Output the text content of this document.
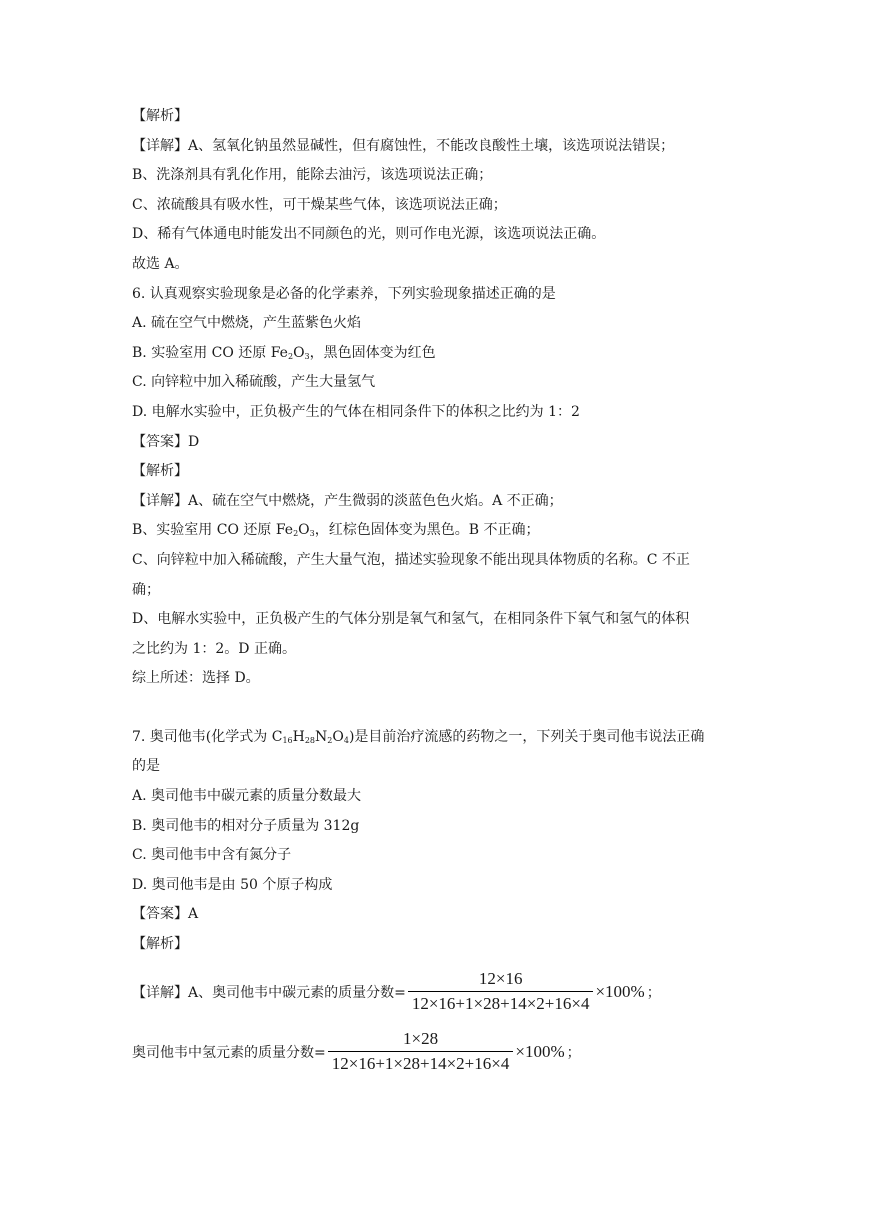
【解析】
【详解】A、氢氧化钠虽然显碱性，但有腐蚀性，不能改良酸性土壤，该选项说法错误；
B、洗涤剂具有乳化作用，能除去油污，该选项说法正确；
C、浓硫酸具有吸水性，可干燥某些气体，该选项说法正确；
D、稀有气体通电时能发出不同颜色的光，则可作电光源，该选项说法正确。
故选 A。
6. 认真观察实验现象是必备的化学素养，下列实验现象描述正确的是
A. 硫在空气中燃烧，产生蓝紫色火焰
B. 实验室用 CO 还原 $Fe_2O_3$，黑色固体变为红色
C. 向锌粒中加入稀硫酸，产生大量氢气
D. 电解水实验中，正负极产生的气体在相同条件下的体积之比约为 1：2
【答案】D
【解析】
【详解】A、硫在空气中燃烧，产生微弱的淡蓝色色火焰。A 不正确；
B、实验室用 CO 还原 $Fe_2O_3$，红棕色固体变为黑色。B 不正确；
C、向锌粒中加入稀硫酸，产生大量气泡，描述实验现象不能出现具体物质的名称。C 不正
确；
D、电解水实验中，正负极产生的气体分别是氧气和氢气，在相同条件下氧气和氢气的体积
之比约为 1：2。D 正确。
综上所述：选择 D。
7. 奥司他韦(化学式为 $C_{16}H_{28}N_2O_4$)是目前治疗流感的药物之一，下列关于奥司他韦说法正确
的是
A. 奥司他韦中碳元素的质量分数最大
B. 奥司他韦的相对分子质量为 312g
C. 奥司他韦中含有氮分子
D. 奥司他韦是由 50 个原子构成
【答案】A
【解析】
【详解】A、奥司他韦中碳元素的质量分数= $\frac{12\times 16}{12\times 16+1\times 28+14\times 2+16\times 4} \times 100\%$ ；
奥司他韦中氢元素的质量分数= $\frac{1\times 28}{12\times 16+1\times 28+14\times 2+16\times 4} \times 100\%$ ；
